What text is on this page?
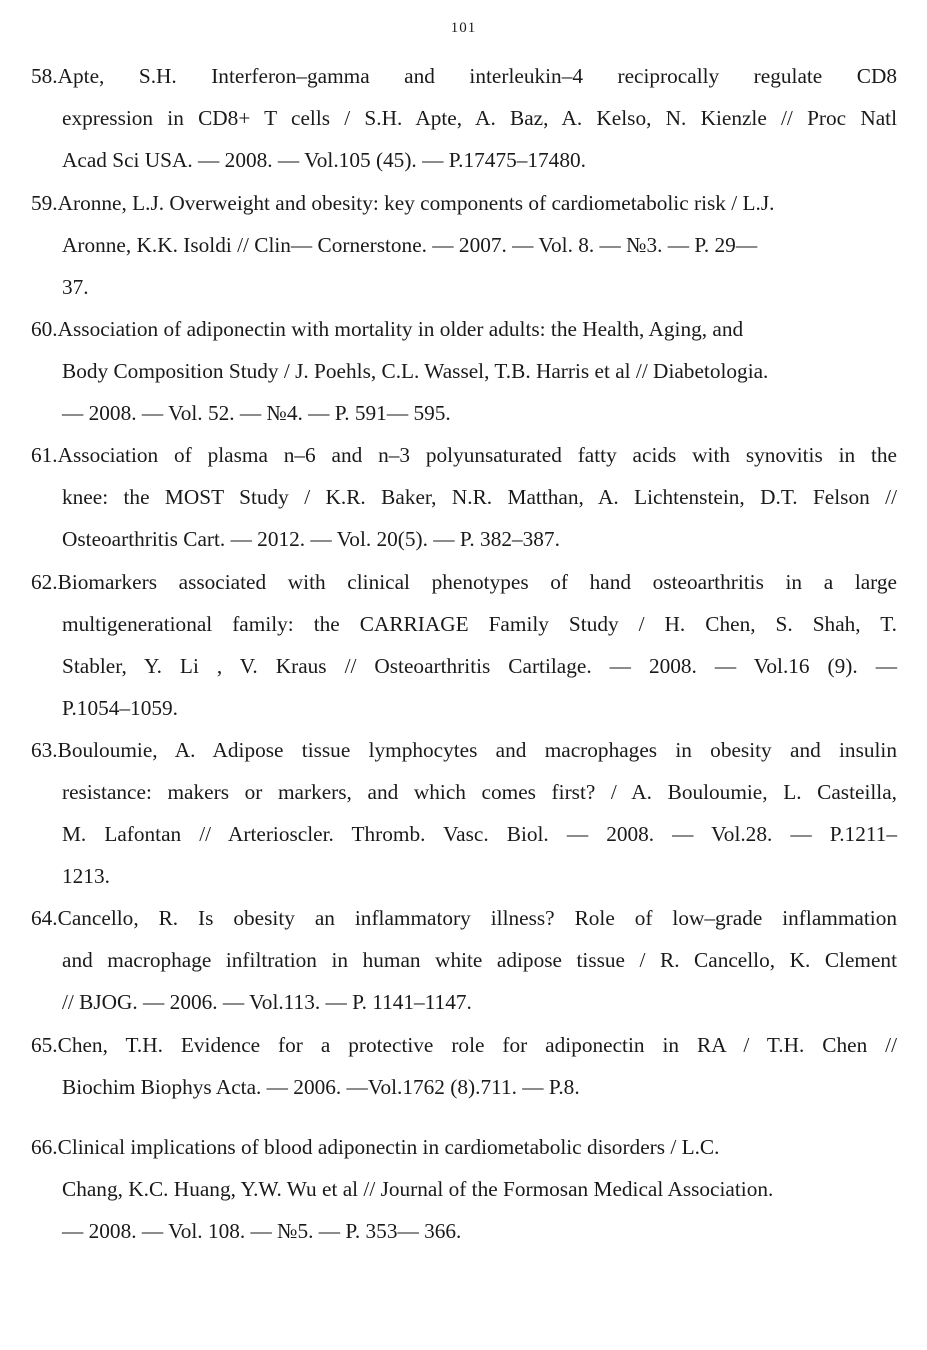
101
58.Apte, S.H. Interferon–gamma and interleukin–4 reciprocally regulate CD8
expression in CD8+ T cells / S.H. Apte, A. Baz, A. Kelso, N. Kienzle // Proc Natl
Acad Sci USA. — 2008. — Vol.105 (45). — P.17475–17480.
59.Aronne, L.J. Overweight and obesity: key components of cardiometabolic risk / L.J.
Aronne, K.K. Isoldi // Clin— Cornerstone. — 2007. — Vol. 8. — №3. — P. 29—
37.
60.Association of adiponectin with mortality in older adults: the Health, Aging, and
Body Composition Study / J. Poehls, C.L. Wassel, T.B. Harris et al // Diabetologia.
— 2008. — Vol. 52. — №4. — P. 591— 595.
61.Association of plasma n–6 and n–3 polyunsaturated fatty acids with synovitis in the
knee: the MOST Study / K.R. Baker, N.R. Matthan, A. Lichtenstein, D.T. Felson //
Osteoarthritis Cart. — 2012. — Vol. 20(5). — P. 382–387.
62.Biomarkers associated with clinical phenotypes of hand osteoarthritis in a large
multigenerational family: the CARRIAGE Family Study / H. Chen, S. Shah, T.
Stabler, Y. Li , V. Kraus // Osteoarthritis Cartilage. — 2008. — Vol.16 (9). —
P.1054–1059.
63.Bouloumie, A. Adipose tissue lymphocytes and macrophages in obesity and insulin
resistance: makers or markers, and which comes first? / A. Bouloumie, L. Casteilla,
M. Lafontan // Arterioscler. Thromb. Vasc. Biol. — 2008. — Vol.28. — P.1211–
1213.
64.Cancello, R. Is obesity an inflammatory illness? Role of low–grade inflammation
and macrophage infiltration in human white adipose tissue / R. Cancello, K. Clement
// BJOG. — 2006. — Vol.113. — P. 1141–1147.
65.Chen, T.H. Evidence for a protective role for adiponectin in RA / T.H. Chen //
Biochim Biophys Acta. — 2006. —Vol.1762 (8).711. — P.8.
66.Clinical implications of blood adiponectin in cardiometabolic disorders / L.C.
Chang, K.C. Huang, Y.W. Wu et al // Journal of the Formosan Medical Association.
— 2008. — Vol. 108. — №5. — P. 353— 366.
